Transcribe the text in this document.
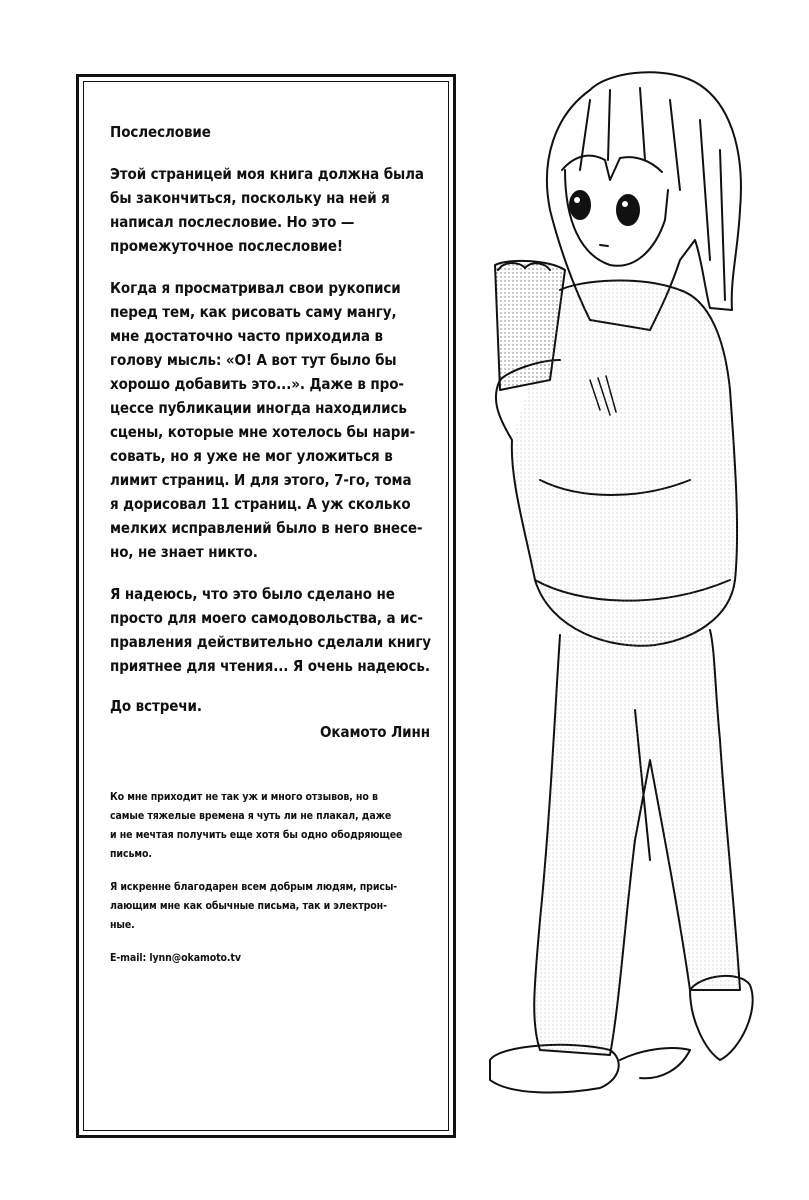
Послесловие
Этой страницей моя книга должна была
бы закончиться, поскольку на ней я
написал послесловие. Но это —
промежуточное послесловие!
Когда я просматривал свои рукописи
перед тем, как рисовать саму мангу,
мне достаточно часто приходила в
голову мысль: «О! А вот тут было бы
хорошо добавить это...». Даже в про-
цессе публикации иногда находились
сцены, которые мне хотелось бы нари-
совать, но я уже не мог уложиться в
лимит страниц. И для этого, 7-го, тома
я дорисовал 11 страниц. А уж сколько
мелких исправлений было в него внесе-
но, не знает никто.
Я надеюсь, что это было сделано не
просто для моего самодовольства, а ис-
правления действительно сделали книгу
приятнее для чтения... Я очень надеюсь.
До встречи.
Окамото Линн
Ко мне приходит не так уж и много отзывов, но в
самые тяжелые времена я чуть ли не плакал, даже
и не мечтая получить еще хотя бы одно ободряющее
письмо.
Я искренне благодарен всем добрым людям, присы-
лающим мне как обычные письма, так и электрон-
ные.
E-mail: lynn@okamoto.tv
